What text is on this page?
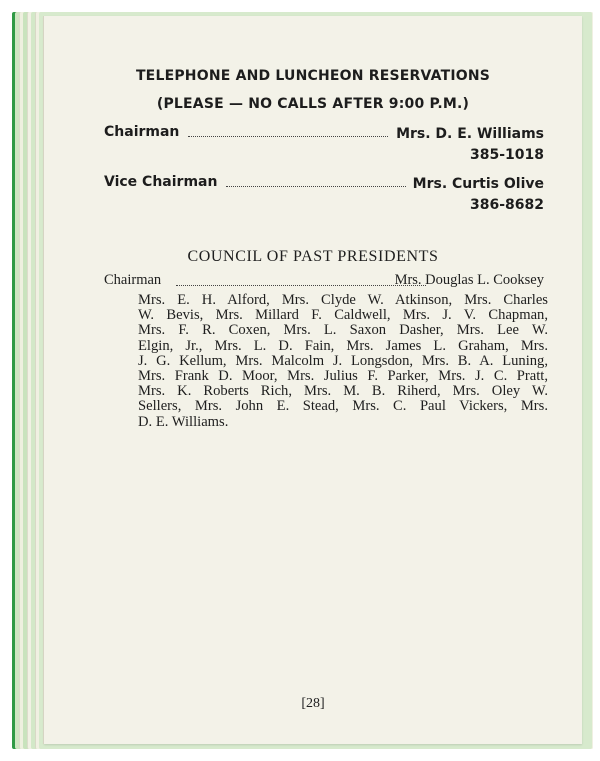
TELEPHONE AND LUNCHEON RESERVATIONS
(PLEASE — NO CALLS AFTER 9:00 P.M.)
Chairman	Mrs. D. E. Williams
385-1018
Vice Chairman	Mrs. Curtis Olive
386-8682
COUNCIL OF PAST PRESIDENTS
Chairman	Mrs. Douglas L. Cooksey
Mrs. E. H. Alford, Mrs. Clyde W. Atkinson, Mrs. Charles
W. Bevis, Mrs. Millard F. Caldwell, Mrs. J. V. Chapman,
Mrs. F. R. Coxen, Mrs. L. Saxon Dasher, Mrs. Lee W.
Elgin, Jr., Mrs. L. D. Fain, Mrs. James L. Graham, Mrs.
J. G. Kellum, Mrs. Malcolm J. Longsdon, Mrs. B. A. Luning,
Mrs. Frank D. Moor, Mrs. Julius F. Parker, Mrs. J. C. Pratt,
Mrs. K. Roberts Rich, Mrs. M. B. Riherd, Mrs. Oley W.
Sellers, Mrs. John E. Stead, Mrs. C. Paul Vickers, Mrs.
D. E. Williams.
[28]
